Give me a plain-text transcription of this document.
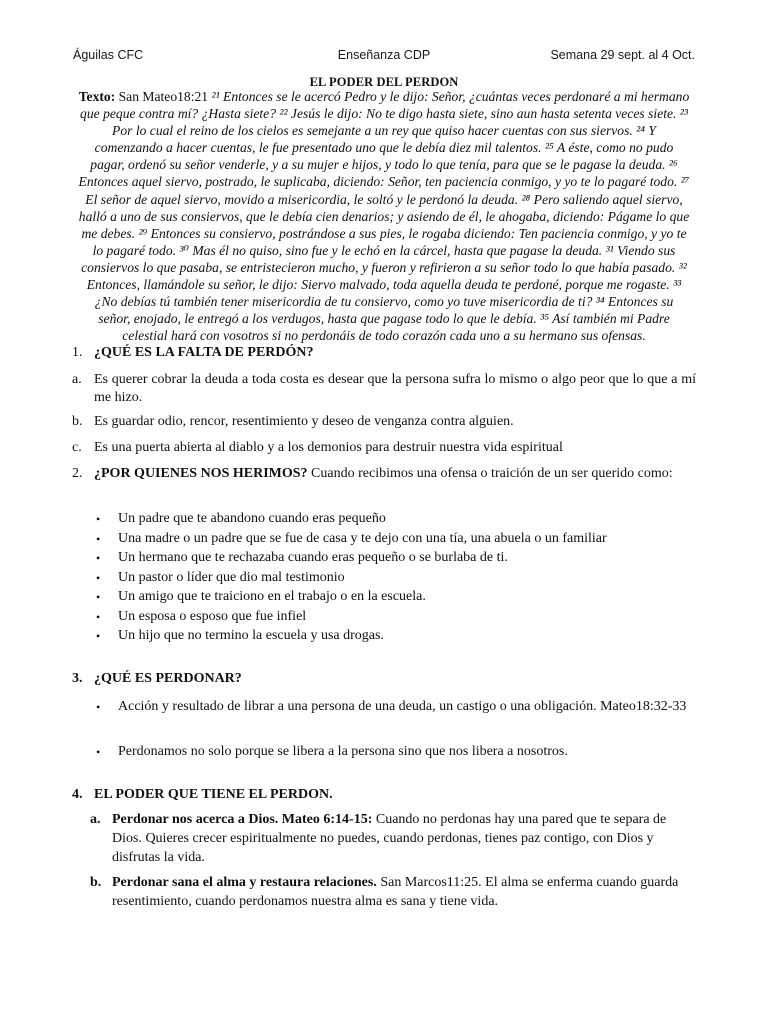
Águilas CFC	Enseñanza CDP	Semana 29 sept. al 4 Oct.
EL PODER DEL PERDON
Texto: San Mateo18:21 ²¹ Entonces se le acercó Pedro y le dijo: Señor, ¿cuántas veces perdonaré a mi hermano que peque contra mí? ¿Hasta siete? ²² Jesús le dijo: No te digo hasta siete, sino aun hasta setenta veces siete. ²³ Por lo cual el reino de los cielos es semejante a un rey que quiso hacer cuentas con sus siervos. ²⁴ Y comenzando a hacer cuentas, le fue presentado uno que le debía diez mil talentos. ²⁵ A éste, como no pudo pagar, ordenó su señor venderle, y a su mujer e hijos, y todo lo que tenía, para que se le pagase la deuda. ²⁶ Entonces aquel siervo, postrado, le suplicaba, diciendo: Señor, ten paciencia conmigo, y yo te lo pagaré todo. ²⁷ El señor de aquel siervo, movido a misericordia, le soltó y le perdonó la deuda. ²⁸ Pero saliendo aquel siervo, halló a uno de sus consiervos, que le debía cien denarios; y asiendo de él, le ahogaba, diciendo: Págame lo que me debes. ²⁹ Entonces su consiervo, postrándose a sus pies, le rogaba diciendo: Ten paciencia conmigo, y yo te lo pagaré todo. ³⁰ Mas él no quiso, sino fue y le echó en la cárcel, hasta que pagase la deuda. ³¹ Viendo sus consiervos lo que pasaba, se entristecieron mucho, y fueron y refirieron a su señor todo lo que había pasado. ³² Entonces, llamándole su señor, le dijo: Siervo malvado, toda aquella deuda te perdoné, porque me rogaste. ³³ ¿No debías tú también tener misericordia de tu consiervo, como yo tuve misericordia de ti? ³⁴ Entonces su señor, enojado, le entregó a los verdugos, hasta que pagase todo lo que le debía. ³⁵ Así también mi Padre celestial hará con vosotros si no perdonáis de todo corazón cada uno a su hermano sus ofensas.
1. ¿QUÉ ES LA FALTA DE PERDÓN?
a. Es querer cobrar la deuda a toda costa es desear que la persona sufra lo mismo o algo peor que lo que a mí me hizo.
b. Es guardar odio, rencor, resentimiento y deseo de venganza contra alguien.
c. Es una puerta abierta al diablo y a los demonios para destruir nuestra vida espiritual
2. ¿POR QUIENES NOS HERIMOS? Cuando recibimos una ofensa o traición de un ser querido como:
• Un padre que te abandono cuando eras pequeño
• Una madre o un padre que se fue de casa y te dejo con una tía, una abuela o un familiar
• Un hermano que te rechazaba cuando eras pequeño o se burlaba de ti.
• Un pastor o líder que dio mal testimonio
• Un amigo que te traiciono en el trabajo o en la escuela.
• Un esposa o esposo que fue infiel
• Un hijo que no termino la escuela y usa drogas.
3. ¿QUÉ ES PERDONAR?
• Acción y resultado de librar a una persona de una deuda, un castigo o una obligación. Mateo18:32-33
• Perdonamos no solo porque se libera a la persona sino que nos libera a nosotros.
4. EL PODER QUE TIENE EL PERDON.
a. Perdonar nos acerca a Dios. Mateo 6:14-15: Cuando no perdonas hay una pared que te separa de Dios. Quieres crecer espiritualmente no puedes, cuando perdonas, tienes paz contigo, con Dios y disfrutas la vida.
b. Perdonar sana el alma y restaura relaciones. San Marcos11:25. El alma se enferma cuando guarda resentimiento, cuando perdonamos nuestra alma es sana y tiene vida.
